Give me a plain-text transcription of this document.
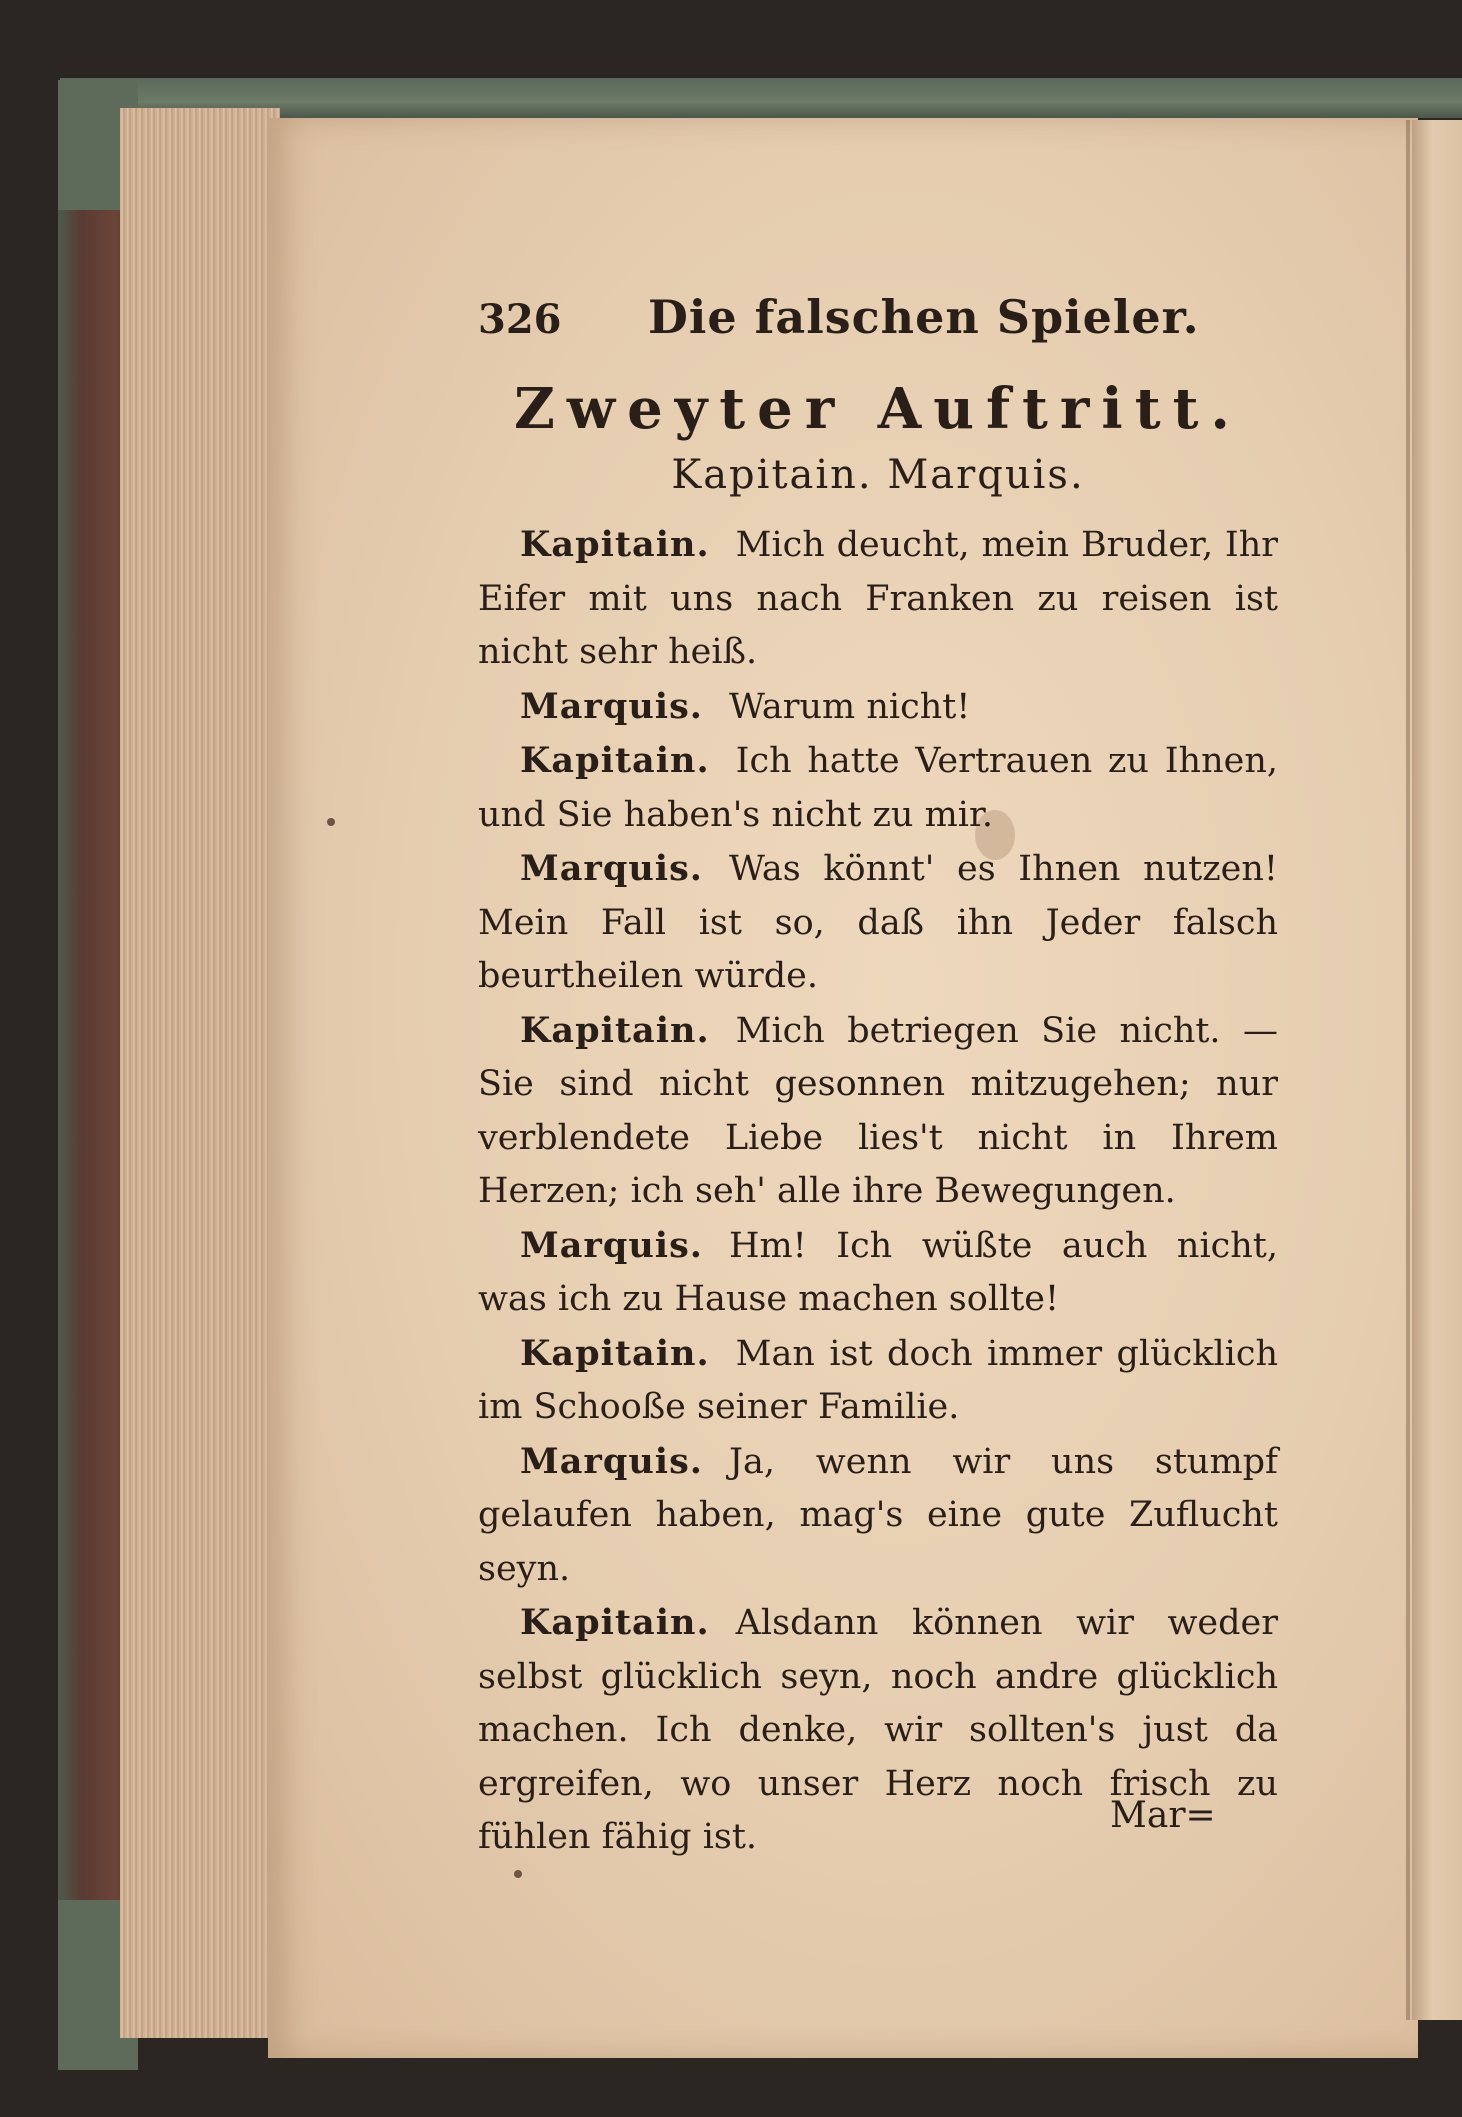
326	Die falschen Spieler.
Zweyter Auftritt.
Kapitain. Marquis.

Kapitain. Mich deucht, mein Bruder, Ihr Eifer mit uns nach Franken zu reisen ist nicht sehr heiß.

Marquis. Warum nicht!

Kapitain. Ich hatte Vertrauen zu Ihnen, und Sie haben's nicht zu mir.

Marquis. Was könnt' es Ihnen nutzen! Mein Fall ist so, daß ihn Jeder falsch beurtheilen würde.

Kapitain. Mich betriegen Sie nicht. — Sie sind nicht gesonnen mitzugehen; nur verblendete Liebe lies't nicht in Ihrem Herzen; ich seh' alle ihre Bewegungen.

Marquis. Hm! Ich wüßte auch nicht, was ich zu Hause machen sollte!

Kapitain. Man ist doch immer glücklich im Schooße seiner Familie.

Marquis. Ja, wenn wir uns stumpf gelaufen haben, mag's eine gute Zuflucht seyn.

Kapitain. Alsdann können wir weder selbst glücklich seyn, noch andre glücklich machen. Ich denke, wir sollten's just da ergreifen, wo unser Herz noch frisch zu fühlen fähig ist.

Mar=
